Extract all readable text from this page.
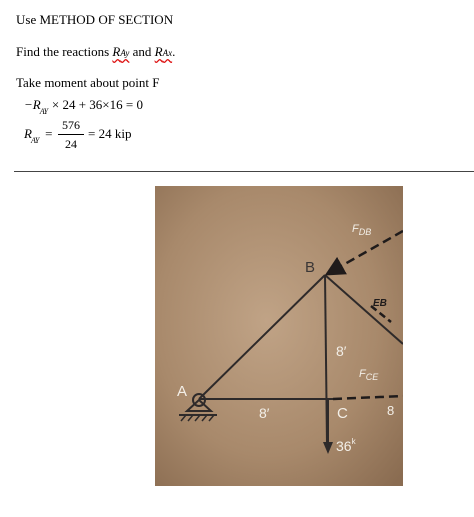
Use METHOD OF SECTION
Find the reactions RAy and RAx.
Take moment about point F
$-R_{AY} \times 24 + 36\times 16 = 0$
$R_{AY}$ =
576
24
= 24 kip
$F_{DB}$
B
EB
8′
$F_{CE}$
A
8′	C	8
36$^k$
